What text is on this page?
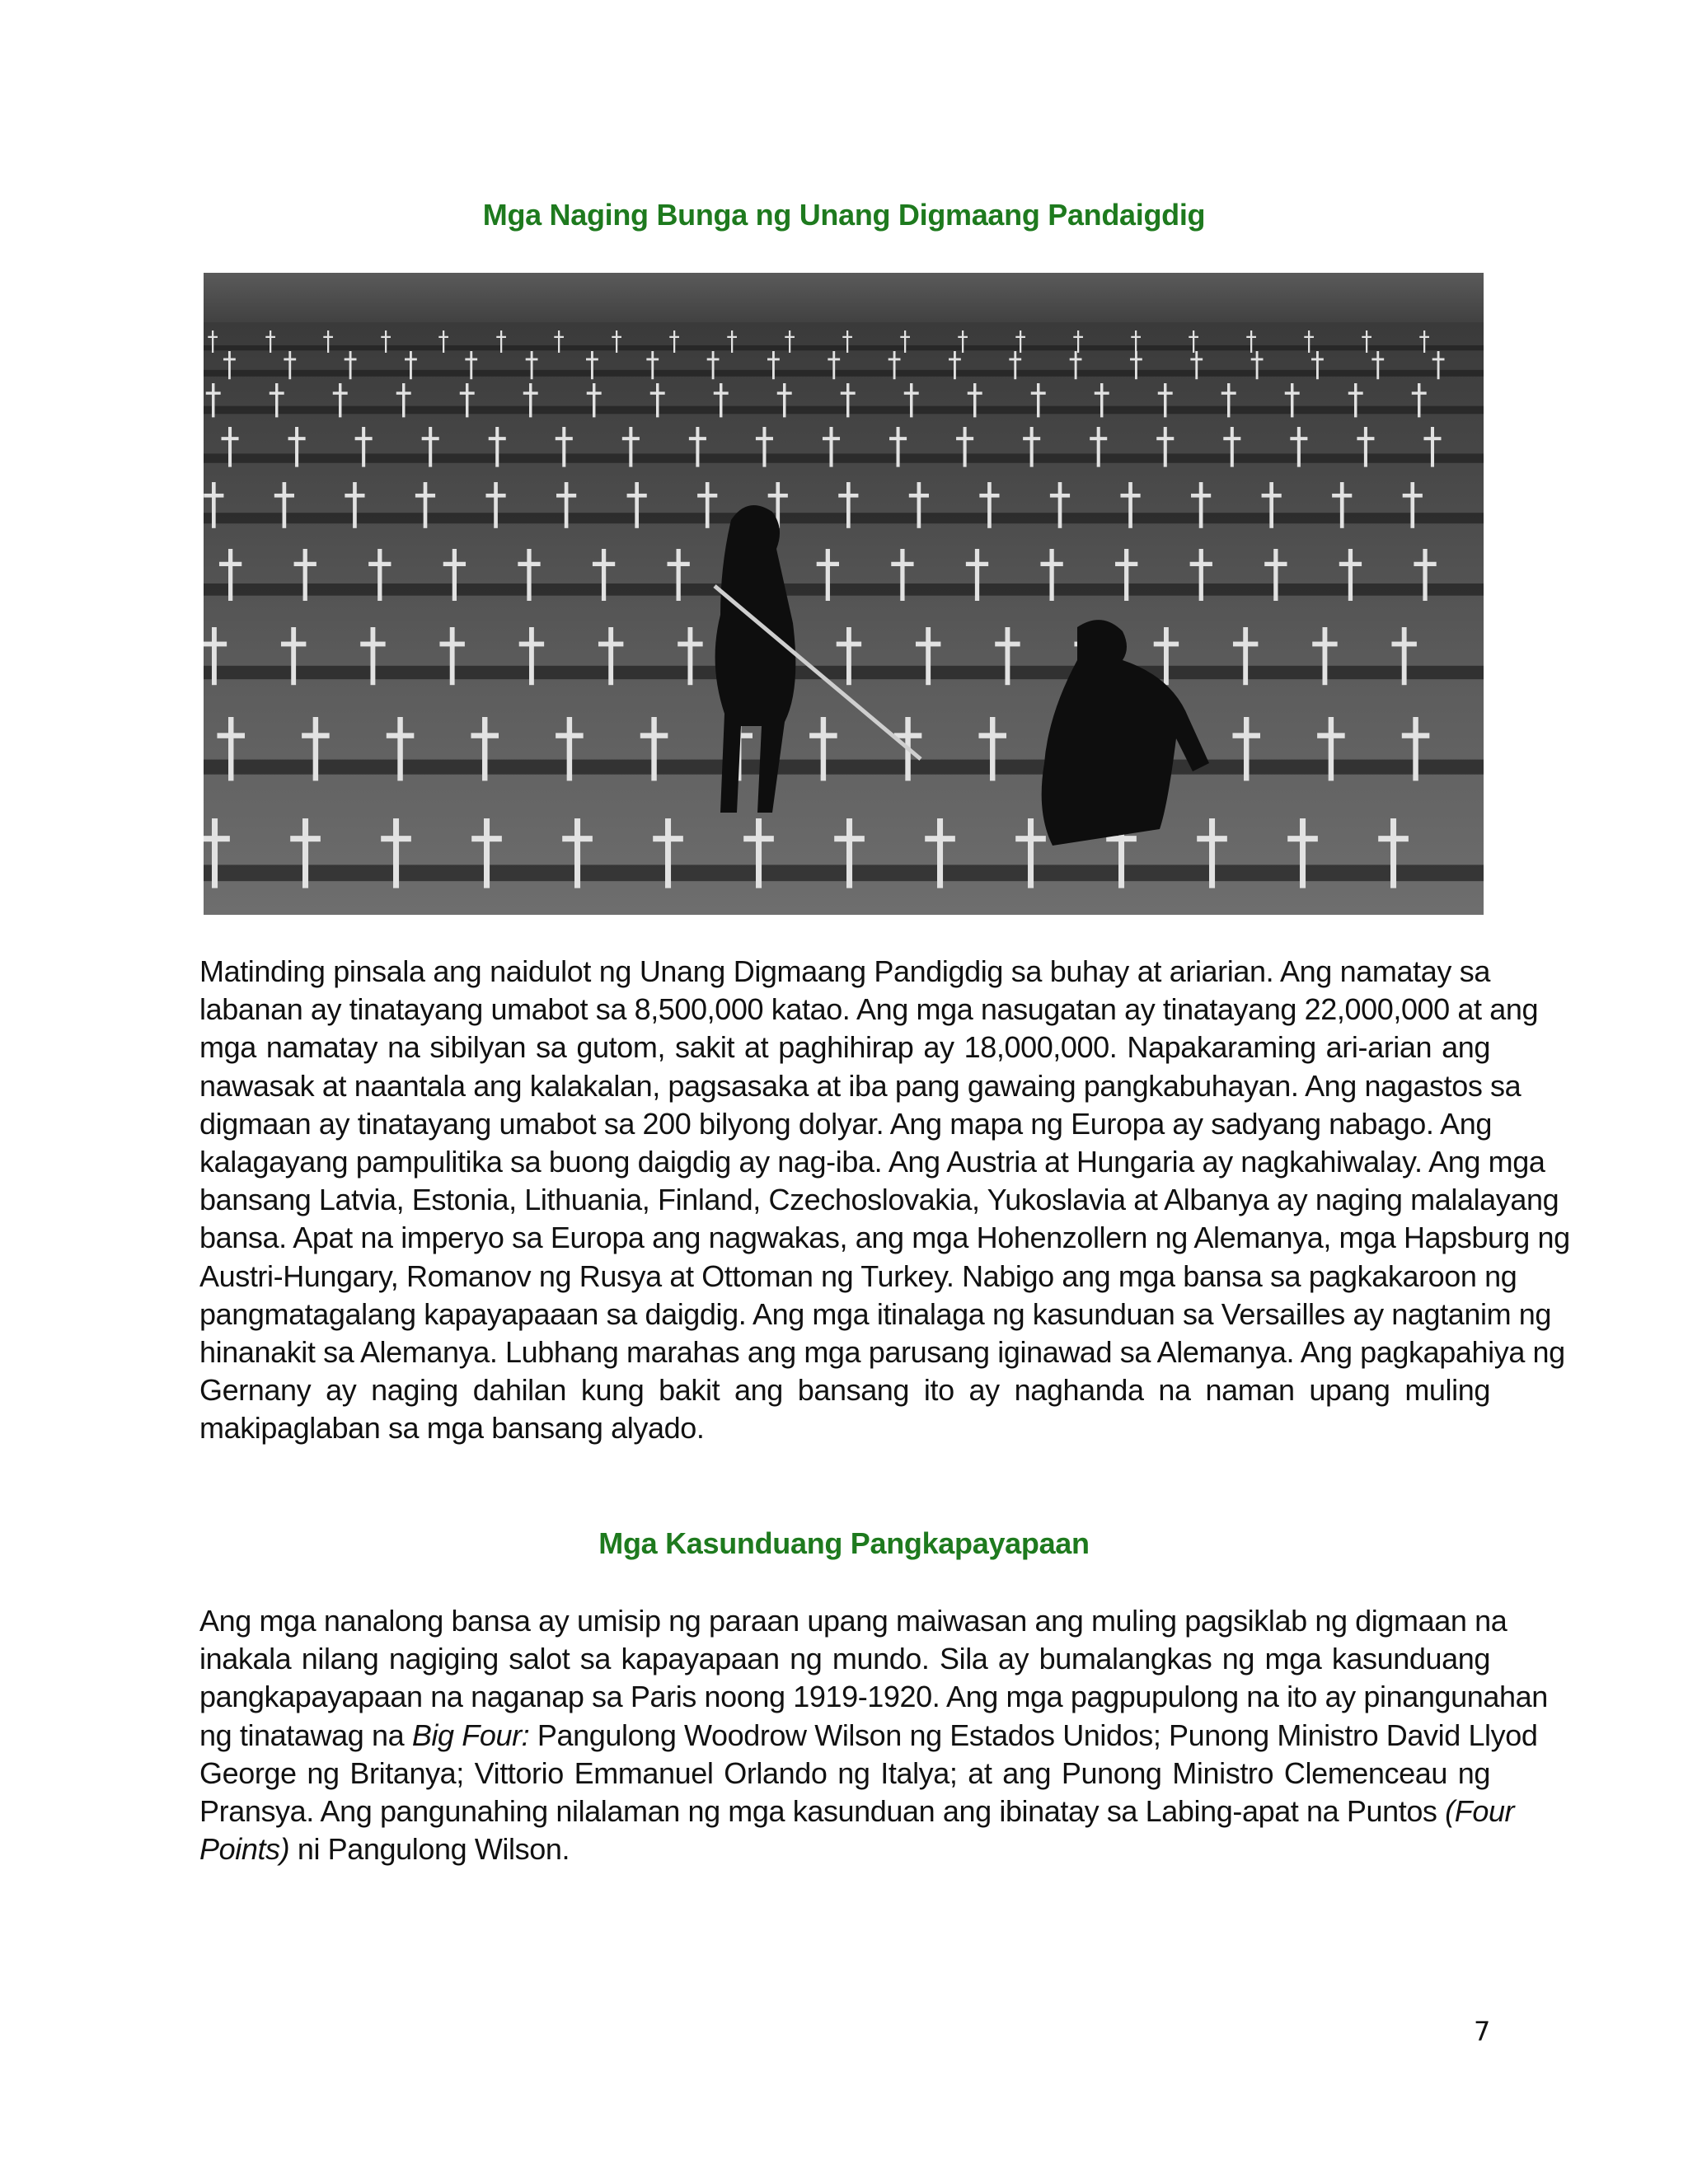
Mga Naging Bunga ng Unang Digmaang Pandaigdig
Matinding pinsala ang naidulot ng Unang Digmaang Pandigdig sa buhay at ariarian. Ang namatay sa
labanan ay tinatayang umabot sa 8,500,000 katao. Ang mga nasugatan ay tinatayang 22,000,000 at ang
mga namatay na sibilyan sa gutom, sakit at paghihirap ay 18,000,000. Napakaraming ari-arian ang
nawasak at naantala ang kalakalan, pagsasaka at iba pang gawaing pangkabuhayan. Ang nagastos sa
digmaan ay tinatayang umabot sa 200 bilyong dolyar. Ang mapa ng Europa ay sadyang nabago. Ang
kalagayang pampulitika sa buong daigdig ay nag-iba. Ang Austria at Hungaria ay nagkahiwalay. Ang mga
bansang Latvia, Estonia, Lithuania, Finland, Czechoslovakia, Yukoslavia at Albanya ay naging malalayang
bansa. Apat na imperyo sa Europa ang nagwakas, ang mga Hohenzollern ng Alemanya, mga Hapsburg ng
Austri-Hungary, Romanov ng Rusya at Ottoman ng Turkey. Nabigo ang mga bansa sa pagkakaroon ng
pangmatagalang kapayapaaan sa daigdig. Ang mga itinalaga ng kasunduan sa Versailles ay nagtanim ng
hinanakit sa Alemanya. Lubhang marahas ang mga parusang iginawad sa Alemanya. Ang pagkapahiya ng
Gernany ay naging dahilan kung bakit ang bansang ito ay naghanda na naman upang muling
makipaglaban sa mga bansang alyado.
Mga Kasunduang Pangkapayapaan
Ang mga nanalong bansa ay umisip ng paraan upang maiwasan ang muling pagsiklab ng digmaan na
inakala nilang nagiging salot sa kapayapaan ng mundo. Sila ay bumalangkas ng mga kasunduang
pangkapayapaan na naganap sa Paris noong 1919-1920. Ang mga pagpupulong na ito ay pinangunahan
ng tinatawag na Big Four: Pangulong Woodrow Wilson ng Estados Unidos; Punong Ministro David Llyod
George ng Britanya; Vittorio Emmanuel Orlando ng Italya; at ang Punong Ministro Clemenceau ng
Pransya. Ang pangunahing nilalaman ng mga kasunduan ang ibinatay sa Labing-apat na Puntos (Four
Points) ni Pangulong Wilson.
7
